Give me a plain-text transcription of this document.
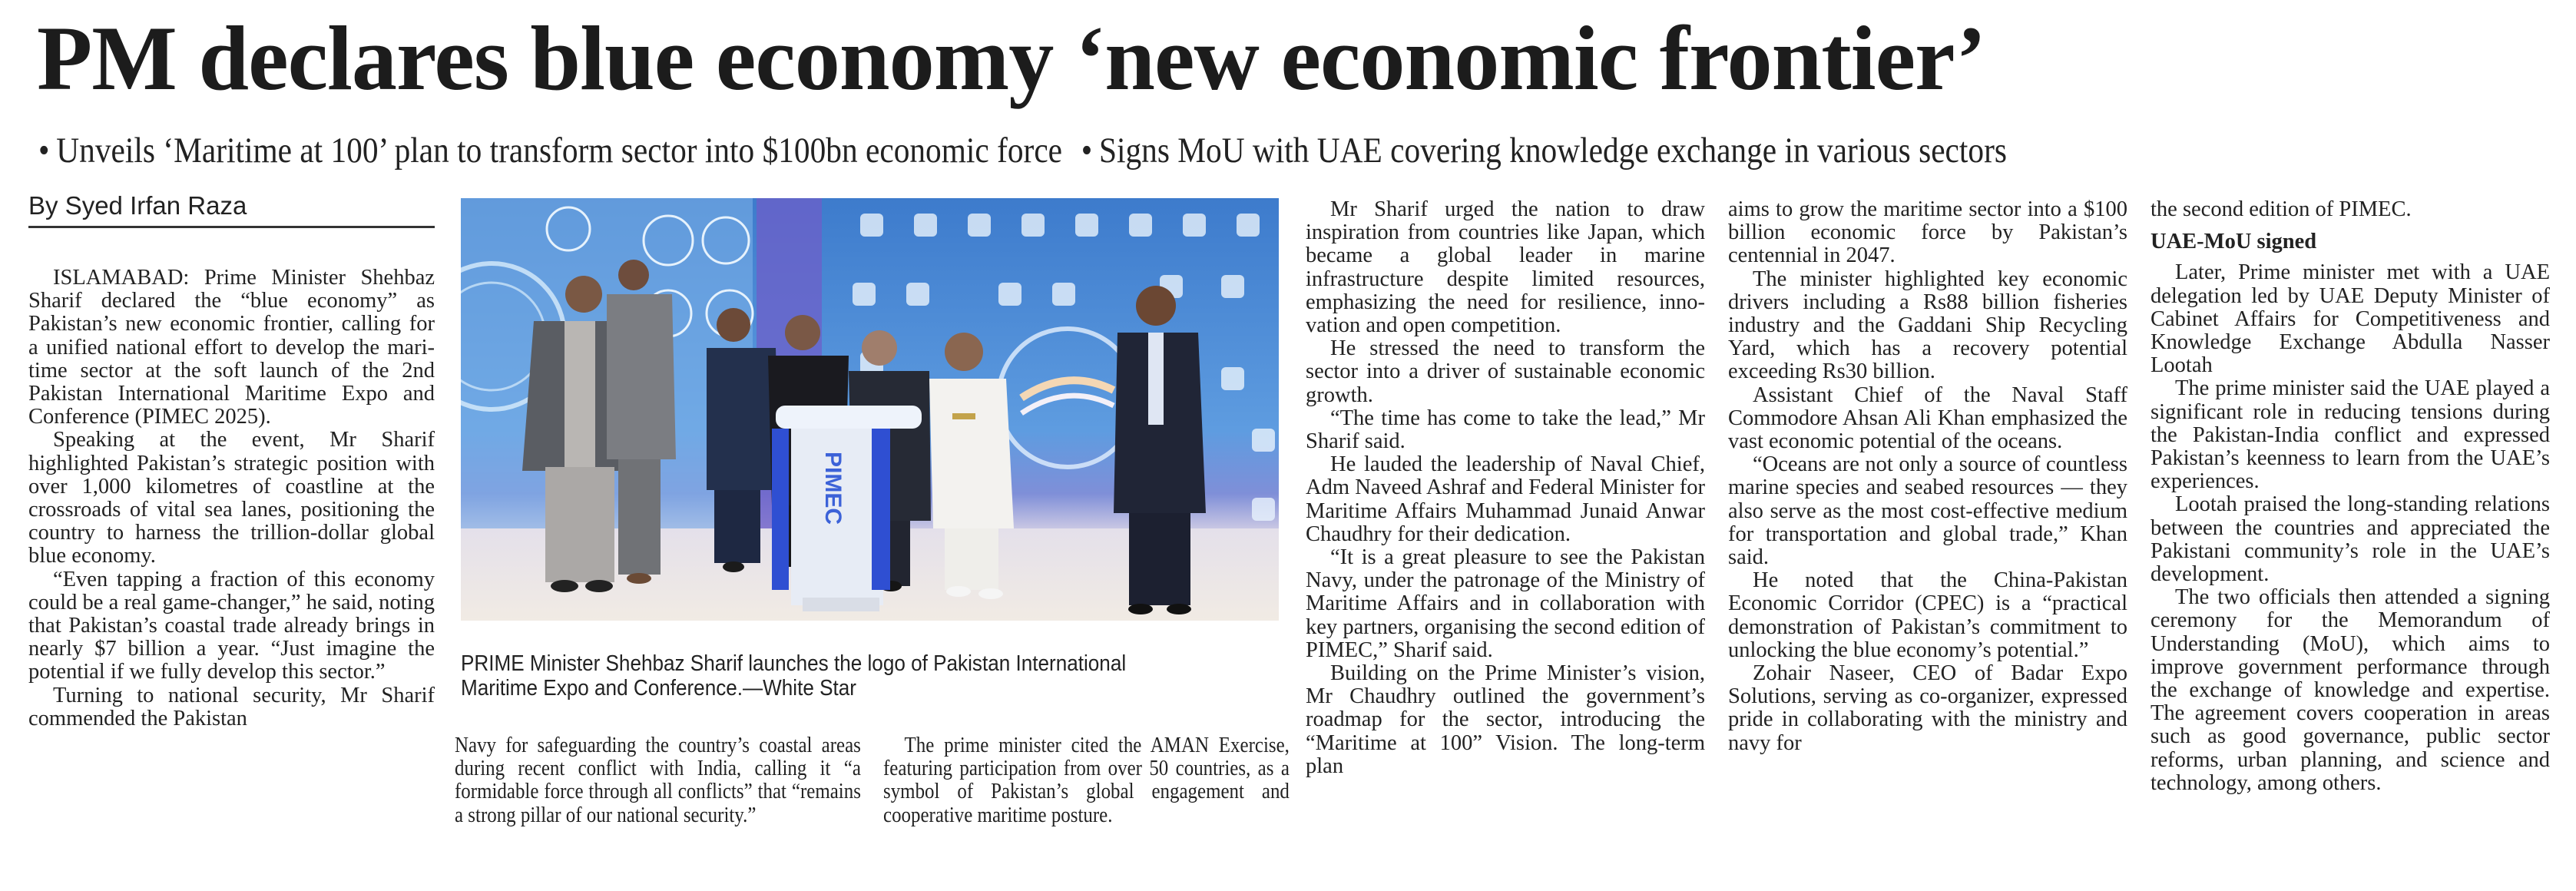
PM declares blue economy ‘new economic frontier’
• Unveils ‘Maritime at 100’ plan to transform sector into $100bn economic force • Signs MoU with UAE covering knowledge exchange in various sectors
By Syed Irfan Raza

ISLAMABAD: Prime Minister Shehbaz Sharif declared the “blue economy” as Pakistan’s new economic frontier, calling for a unified national effort to develop the maritime sector at the soft launch of the 2nd Pakistan International Maritime Expo and Conference (PIMEC 2025).

Speaking at the event, Mr Sharif highlighted Pakistan’s strategic position with over 1,000 kilometres of coastline at the crossroads of vital sea lanes, positioning the country to harness the trillion-dollar global blue economy.

“Even tapping a fraction of this economy could be a real game-changer,” he said, noting that Pakistan’s coastal trade already brings in nearly $7 billion a year. “Just imagine the potential if we fully develop this sector.”

Turning to national security, Mr Sharif commended the Pakistan

PIMEC
PRIME Minister Shehbaz Sharif launches the logo of Pakistan International Maritime Expo and Conference.—White Star

Navy for safeguarding the country’s coastal areas during recent conflict with India, calling it “a formidable force through all conflicts” that “remains a strong pillar of our national security.”

The prime minister cited the AMAN Exercise, featuring participation from over 50 countries, as a symbol of Pakistan’s global engagement and cooperative maritime posture.

Mr Sharif urged the nation to draw inspiration from countries like Japan, which became a global leader in marine infrastructure despite limited resources, emphasizing the need for resilience, innovation and open competition.

He stressed the need to transform the sector into a driver of sustainable economic growth.

“The time has come to take the lead,” Mr Sharif said.

He lauded the leadership of Naval Chief, Adm Naveed Ashraf and Federal Minister for Maritime Affairs Muhammad Junaid Anwar Chaudhry for their dedication.

“It is a great pleasure to see the Pakistan Navy, under the patronage of the Ministry of Maritime Affairs and in collaboration with key partners, organising the second edition of PIMEC,” Sharif said.

Building on the Prime Minister’s vision, Mr Chaudhry outlined the government’s roadmap for the sector, introducing the “Maritime at 100” Vision. The long-term plan

aims to grow the maritime sector into a $100 billion economic force by Pakistan’s centennial in 2047.

The minister highlighted key economic drivers including a Rs88 billion fisheries industry and the Gaddani Ship Recycling Yard, which has a recovery potential exceeding Rs30 billion.

Assistant Chief of the Naval Staff Commodore Ahsan Ali Khan emphasized the vast economic potential of the oceans.

“Oceans are not only a source of countless marine species and seabed resources — they also serve as the most cost-effective medium for transportation and global trade,” Khan said.

He noted that the China-Pakistan Economic Corridor (CPEC) is a “practical demonstration of Pakistan’s commitment to unlocking the blue economy’s potential.”

Zohair Naseer, CEO of Badar Expo Solutions, serving as co-organizer, expressed pride in collaborating with the ministry and navy for

the second edition of PIMEC.

UAE-MoU signed

Later, Prime minister met with a UAE delegation led by UAE Deputy Minister of Cabinet Affairs for Competitiveness and Knowledge Exchange Abdulla Nasser Lootah

The prime minister said the UAE played a significant role in reducing tensions during the Pakistan-India conflict and expressed Pakistan’s keenness to learn from the UAE’s experiences.

Lootah praised the long-standing relations between the countries and appreciated the Pakistani community’s role in the UAE’s development.

The two officials then attended a signing ceremony for the Memorandum of Understanding (MoU), which aims to improve government performance through the exchange of knowledge and expertise. The agreement covers cooperation in areas such as good governance, public sector reforms, urban planning, and science and technology, among others.
